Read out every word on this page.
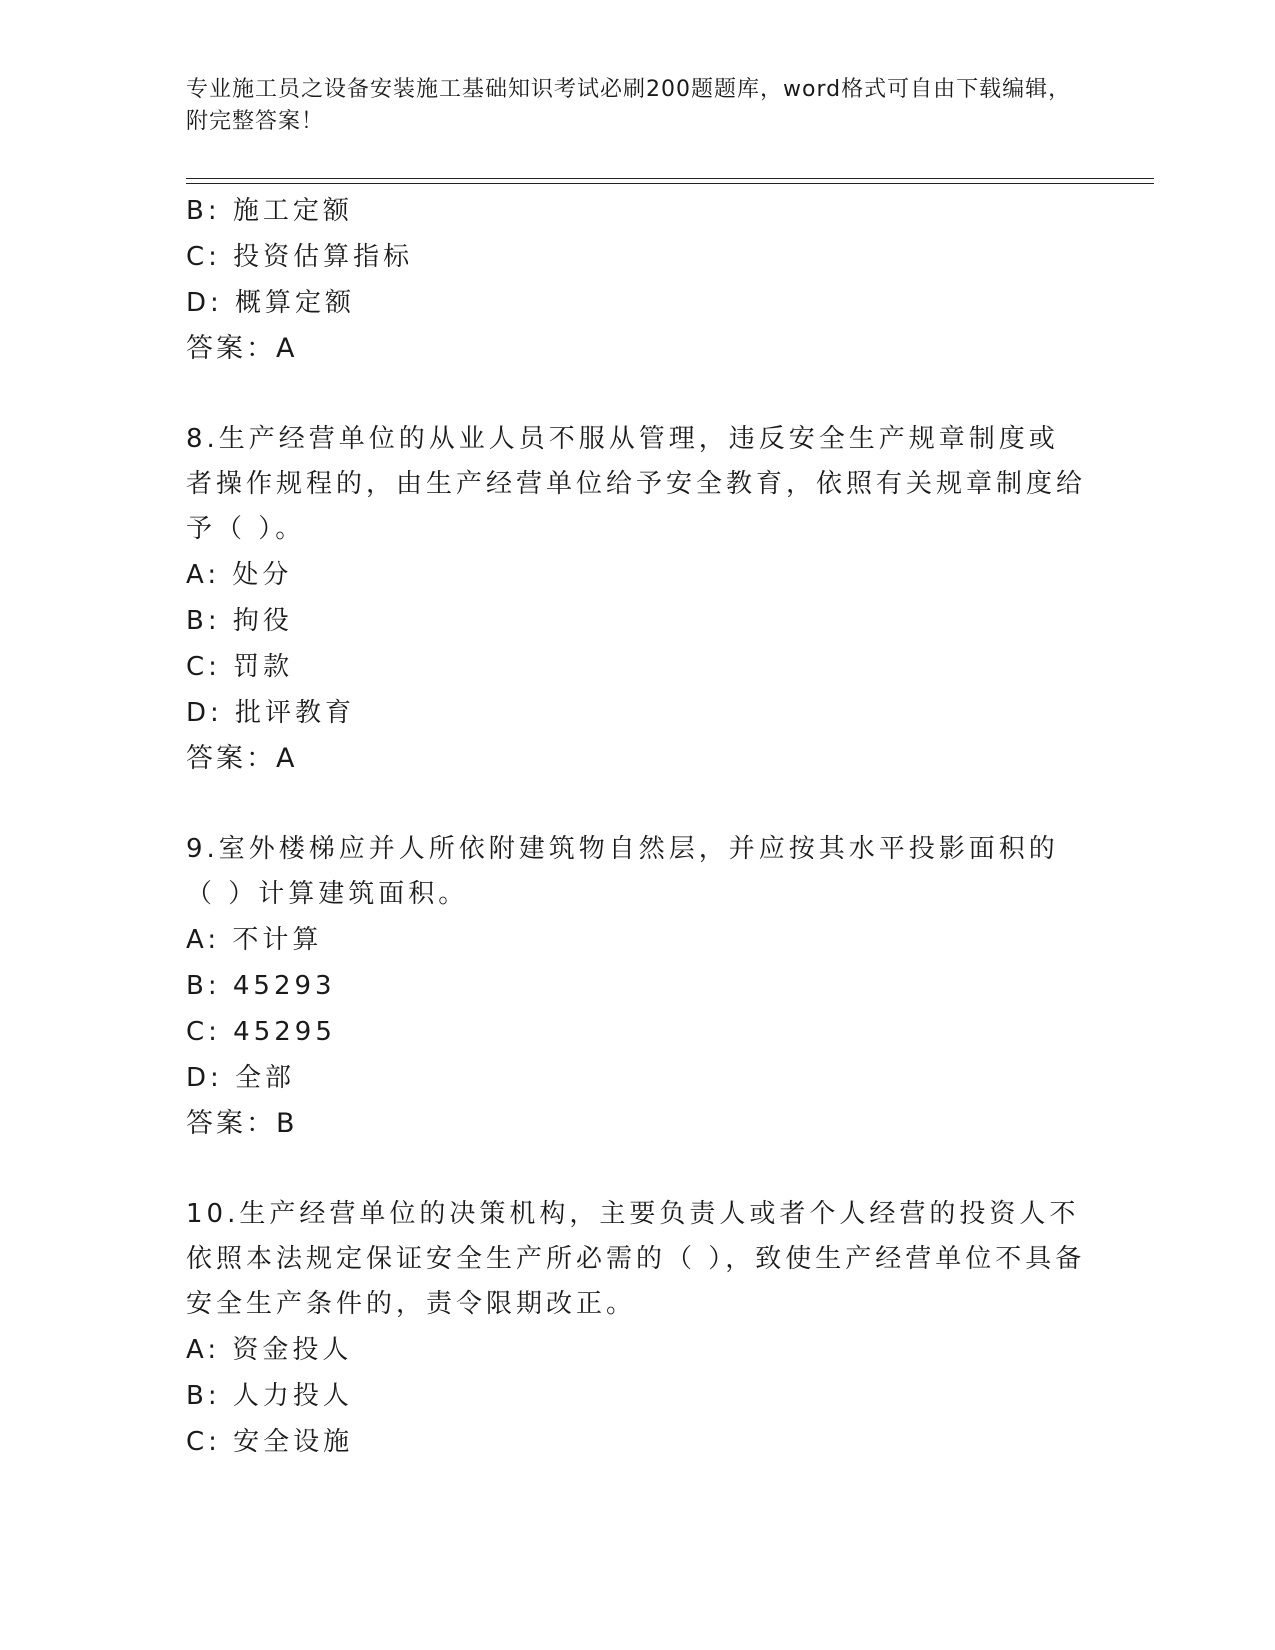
专业施工员之设备安装施工基础知识考试必刷200题题库，word格式可自由下载编辑，附完整答案！
B: 施工定额
C: 投资估算指标
D: 概算定额
答案：A
8.生产经营单位的从业人员不服从管理，违反安全生产规章制度或者操作规程的，由生产经营单位给予安全教育，依照有关规章制度给予（ ）。
A: 处分
B: 拘役
C: 罚款
D: 批评教育
答案：A
9.室外楼梯应并人所依附建筑物自然层，并应按其水平投影面积的（ ）计算建筑面积。
A: 不计算
B: 45293
C: 45295
D: 全部
答案：B
10.生产经营单位的决策机构，主要负责人或者个人经营的投资人不依照本法规定保证安全生产所必需的（ ），致使生产经营单位不具备安全生产条件的，责令限期改正。
A: 资金投人
B: 人力投人
C: 安全设施
